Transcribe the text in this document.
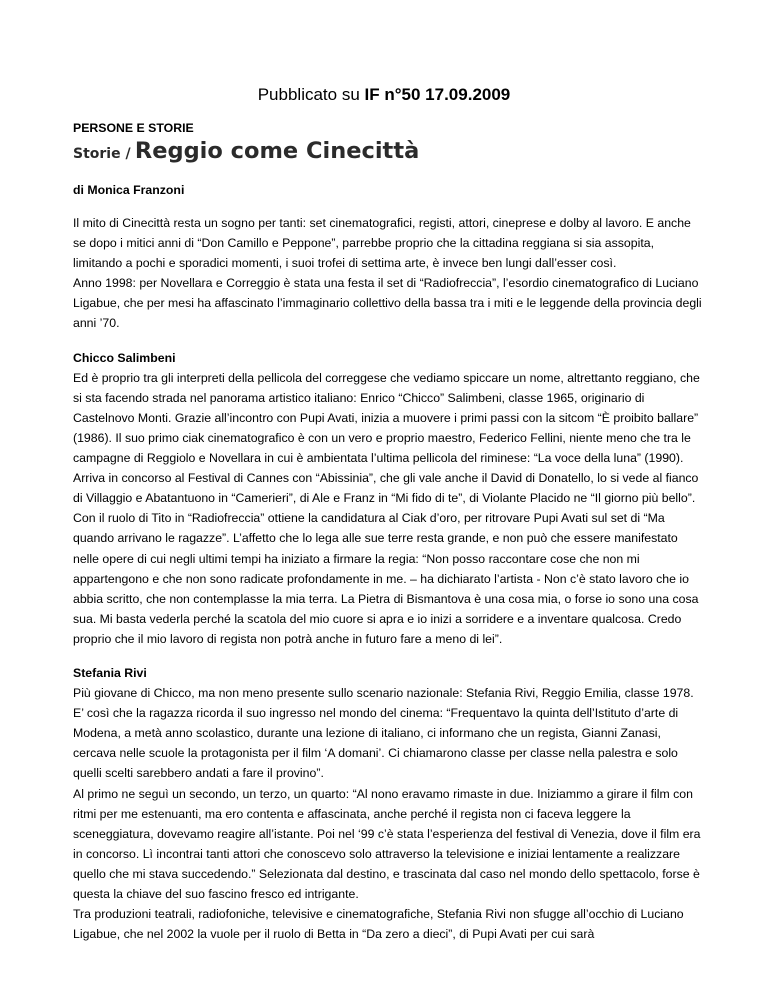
Pubblicato su IF n°50 17.09.2009
PERSONE E STORIE
Storie / Reggio come Cinecittà
di Monica Franzoni

Il mito di Cinecittà resta un sogno per tanti: set cinematografici, registi, attori, cineprese e dolby al lavoro. E anche se dopo i mitici anni di “Don Camillo e Peppone”, parrebbe proprio che la cittadina reggiana si sia assopita, limitando a pochi e sporadici momenti, i suoi trofei di settima arte, è invece ben lungi dall’esser così.

Anno 1998: per Novellara e Correggio è stata una festa il set di “Radiofreccia”, l’esordio cinematografico di Luciano Ligabue, che per mesi ha affascinato l’immaginario collettivo della bassa tra i miti e le leggende della provincia degli anni ’70.

Chicco Salimbeni

Ed è proprio tra gli interpreti della pellicola del correggese che vediamo spiccare un nome, altrettanto reggiano, che si sta facendo strada nel panorama artistico italiano: Enrico “Chicco” Salimbeni, classe 1965, originario di Castelnovo Monti. Grazie all’incontro con Pupi Avati, inizia a muovere i primi passi con la sitcom “È proibito ballare” (1986). Il suo primo ciak cinematografico è con un vero e proprio maestro, Federico Fellini, niente meno che tra le campagne di Reggiolo e Novellara in cui è ambientata l’ultima pellicola del riminese: “La voce della luna” (1990). Arriva in concorso al Festival di Cannes con “Abissinia”, che gli vale anche il David di Donatello, lo si vede al fianco di Villaggio e Abatantuono in “Camerieri”, di Ale e Franz in “Mi fido di te”, di Violante Placido ne “Il giorno più bello”. Con il ruolo di Tito in “Radiofreccia” ottiene la candidatura al Ciak d’oro, per ritrovare Pupi Avati sul set di “Ma quando arrivano le ragazze”. L’affetto che lo lega alle sue terre resta grande, e non può che essere manifestato nelle opere di cui negli ultimi tempi ha iniziato a firmare la regia: “Non posso raccontare cose che non mi appartengono e che non sono radicate profondamente in me. – ha dichiarato l’artista - Non c’è stato lavoro che io abbia scritto, che non contemplasse la mia terra. La Pietra di Bismantova è una cosa mia, o forse io sono una cosa sua. Mi basta vederla perché la scatola del mio cuore si apra e io inizi a sorridere e a inventare qualcosa. Credo proprio che il mio lavoro di regista non potrà anche in futuro fare a meno di lei”.

Stefania Rivi

Più giovane di Chicco, ma non meno presente sullo scenario nazionale: Stefania Rivi, Reggio Emilia, classe 1978. E’ così che la ragazza ricorda il suo ingresso nel mondo del cinema: “Frequentavo la quinta dell’Istituto d’arte di Modena, a metà anno scolastico, durante una lezione di italiano, ci informano che un regista, Gianni Zanasi, cercava nelle scuole la protagonista per il film ‘A domani’. Ci chiamarono classe per classe nella palestra e solo quelli scelti sarebbero andati a fare il provino”.

Al primo ne seguì un secondo, un terzo, un quarto: “Al nono eravamo rimaste in due. Iniziammo a girare il film con ritmi per me estenuanti, ma ero contenta e affascinata, anche perché il regista non ci faceva leggere la sceneggiatura, dovevamo reagire all’istante. Poi nel ‘99 c’è stata l’esperienza del festival di Venezia, dove il film era in concorso. Lì incontrai tanti attori che conoscevo solo attraverso la televisione e iniziai lentamente a realizzare quello che mi stava succedendo.” Selezionata dal destino, e trascinata dal caso nel mondo dello spettacolo, forse è questa la chiave del suo fascino fresco ed intrigante.

Tra produzioni teatrali, radiofoniche, televisive e cinematografiche, Stefania Rivi non sfugge all’occhio di Luciano Ligabue, che nel 2002 la vuole per il ruolo di Betta in “Da zero a dieci”, di Pupi Avati per cui sarà
